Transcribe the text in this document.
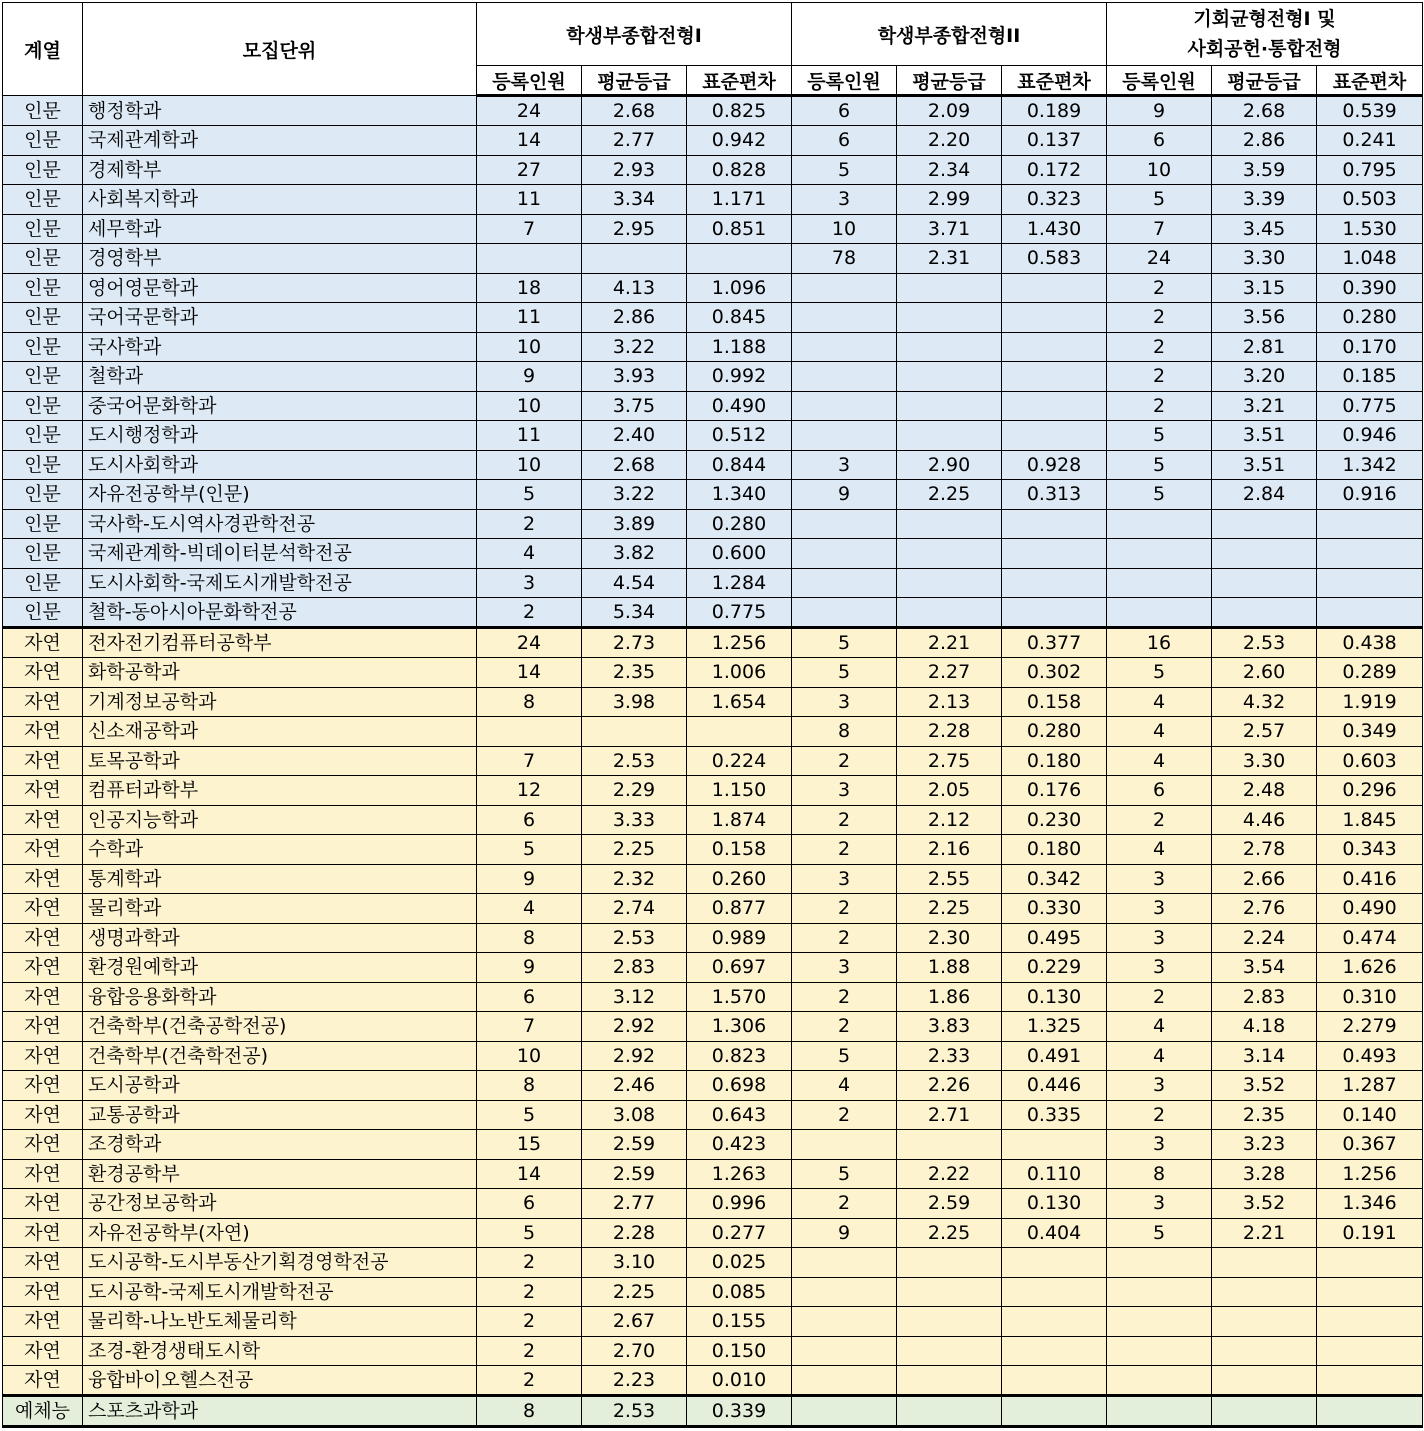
계열	모집단위	학생부종합전형I			학생부종합전형II			기회균형전형I 및
사회공헌·통합전형		
		등록인원	평균등급	표준편차	등록인원	평균등급	표준편차	등록인원	평균등급	표준편차
인문	행정학과	24	2.68	0.825	6	2.09	0.189	9	2.68	0.539
인문	국제관계학과	14	2.77	0.942	6	2.20	0.137	6	2.86	0.241
인문	경제학부	27	2.93	0.828	5	2.34	0.172	10	3.59	0.795
인문	사회복지학과	11	3.34	1.171	3	2.99	0.323	5	3.39	0.503
인문	세무학과	7	2.95	0.851	10	3.71	1.430	7	3.45	1.530
인문	경영학부				78	2.31	0.583	24	3.30	1.048
인문	영어영문학과	18	4.13	1.096				2	3.15	0.390
인문	국어국문학과	11	2.86	0.845				2	3.56	0.280
인문	국사학과	10	3.22	1.188				2	2.81	0.170
인문	철학과	9	3.93	0.992				2	3.20	0.185
인문	중국어문화학과	10	3.75	0.490				2	3.21	0.775
인문	도시행정학과	11	2.40	0.512				5	3.51	0.946
인문	도시사회학과	10	2.68	0.844	3	2.90	0.928	5	3.51	1.342
인문	자유전공학부(인문)	5	3.22	1.340	9	2.25	0.313	5	2.84	0.916
인문	국사학-도시역사경관학전공	2	3.89	0.280						
인문	국제관계학-빅데이터분석학전공	4	3.82	0.600						
인문	도시사회학-국제도시개발학전공	3	4.54	1.284						
인문	철학-동아시아문화학전공	2	5.34	0.775						
자연	전자전기컴퓨터공학부	24	2.73	1.256	5	2.21	0.377	16	2.53	0.438
자연	화학공학과	14	2.35	1.006	5	2.27	0.302	5	2.60	0.289
자연	기계정보공학과	8	3.98	1.654	3	2.13	0.158	4	4.32	1.919
자연	신소재공학과				8	2.28	0.280	4	2.57	0.349
자연	토목공학과	7	2.53	0.224	2	2.75	0.180	4	3.30	0.603
자연	컴퓨터과학부	12	2.29	1.150	3	2.05	0.176	6	2.48	0.296
자연	인공지능학과	6	3.33	1.874	2	2.12	0.230	2	4.46	1.845
자연	수학과	5	2.25	0.158	2	2.16	0.180	4	2.78	0.343
자연	통계학과	9	2.32	0.260	3	2.55	0.342	3	2.66	0.416
자연	물리학과	4	2.74	0.877	2	2.25	0.330	3	2.76	0.490
자연	생명과학과	8	2.53	0.989	2	2.30	0.495	3	2.24	0.474
자연	환경원예학과	9	2.83	0.697	3	1.88	0.229	3	3.54	1.626
자연	융합응용화학과	6	3.12	1.570	2	1.86	0.130	2	2.83	0.310
자연	건축학부(건축공학전공)	7	2.92	1.306	2	3.83	1.325	4	4.18	2.279
자연	건축학부(건축학전공)	10	2.92	0.823	5	2.33	0.491	4	3.14	0.493
자연	도시공학과	8	2.46	0.698	4	2.26	0.446	3	3.52	1.287
자연	교통공학과	5	3.08	0.643	2	2.71	0.335	2	2.35	0.140
자연	조경학과	15	2.59	0.423				3	3.23	0.367
자연	환경공학부	14	2.59	1.263	5	2.22	0.110	8	3.28	1.256
자연	공간정보공학과	6	2.77	0.996	2	2.59	0.130	3	3.52	1.346
자연	자유전공학부(자연)	5	2.28	0.277	9	2.25	0.404	5	2.21	0.191
자연	도시공학-도시부동산기획경영학전공	2	3.10	0.025						
자연	도시공학-국제도시개발학전공	2	2.25	0.085						
자연	물리학-나노반도체물리학	2	2.67	0.155						
자연	조경-환경생태도시학	2	2.70	0.150						
자연	융합바이오헬스전공	2	2.23	0.010						
예체능	스포츠과학과	8	2.53	0.339						
